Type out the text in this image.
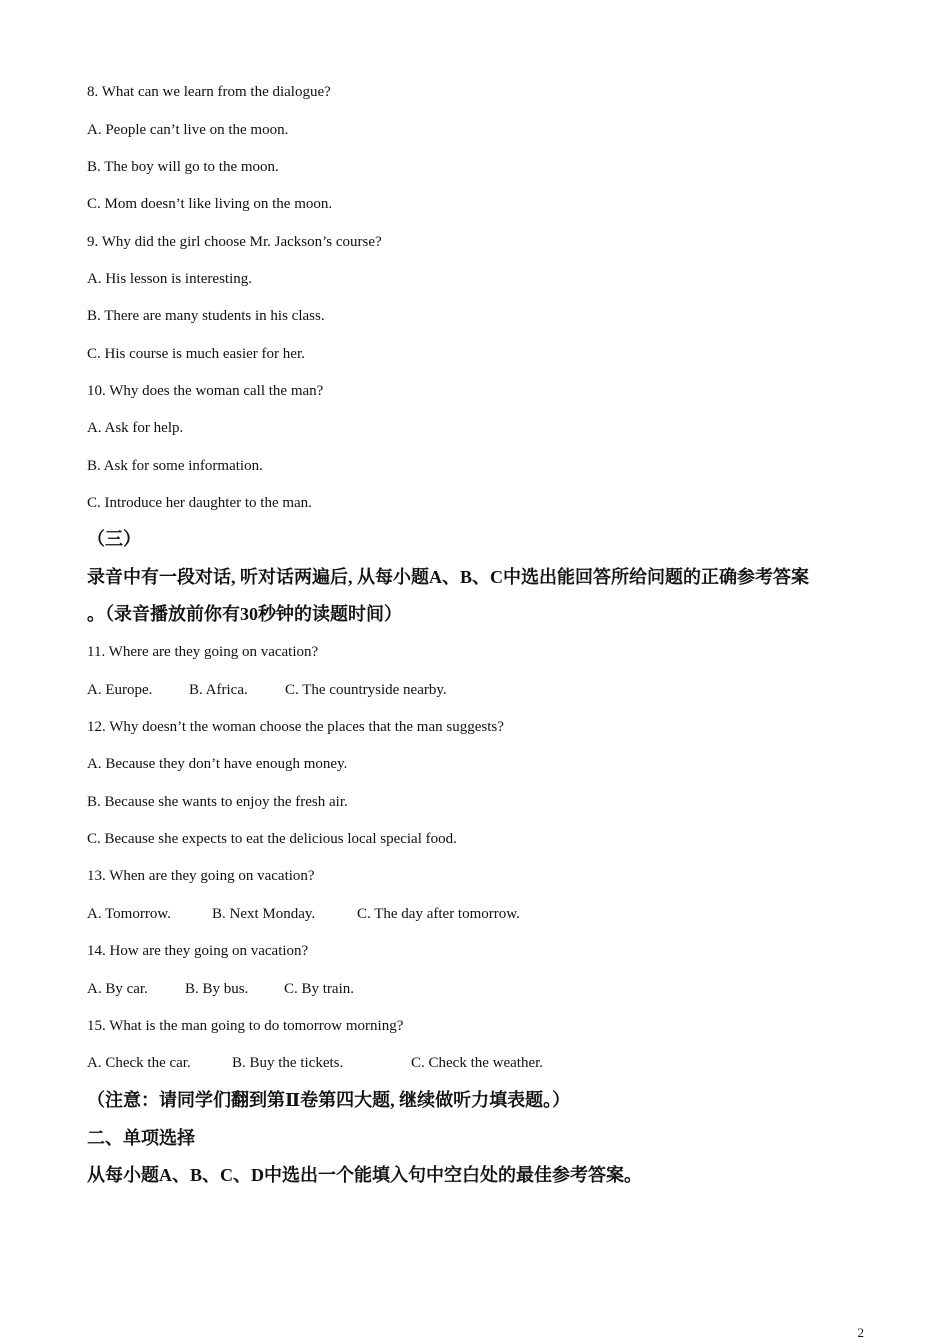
8. What can we learn from the dialogue?
A. People can’t live on the moon.
B. The boy will go to the moon.
C. Mom doesn’t like living on the moon.
9. Why did the girl choose Mr. Jackson’s course?
A. His lesson is interesting.
B. There are many students in his class.
C. His course is much easier for her.
10. Why does the woman call the man?
A. Ask for help.
B. Ask for some information.
C. Introduce her daughter to the man.
（三）
录音中有一段对话, 听对话两遍后, 从每小题A、B、C中选出能回答所给问题的正确参考答案
。（录音播放前你有30秒钟的读题时间）
11. Where are they going on vacation?
A. Europe. B. Africa. C. The countryside nearby.
12. Why doesn’t the woman choose the places that the man suggests?
A. Because they don’t have enough money.
B. Because she wants to enjoy the fresh air.
C. Because she expects to eat the delicious local special food.
13. When are they going on vacation?
A. Tomorrow.	B. Next Monday.	C. The day after tomorrow.
14. How are they going on vacation?
A. By car. B. By bus. C. By train.
15. What is the man going to do tomorrow morning?
A. Check the car.	B. Buy the tickets.	C. Check the weather.
（注意：请同学们翻到第Ⅱ卷第四大题, 继续做听力填表题。）
二、单项选择
从每小题A、B、C、D中选出一个能填入句中空白处的最佳参考答案。
2
